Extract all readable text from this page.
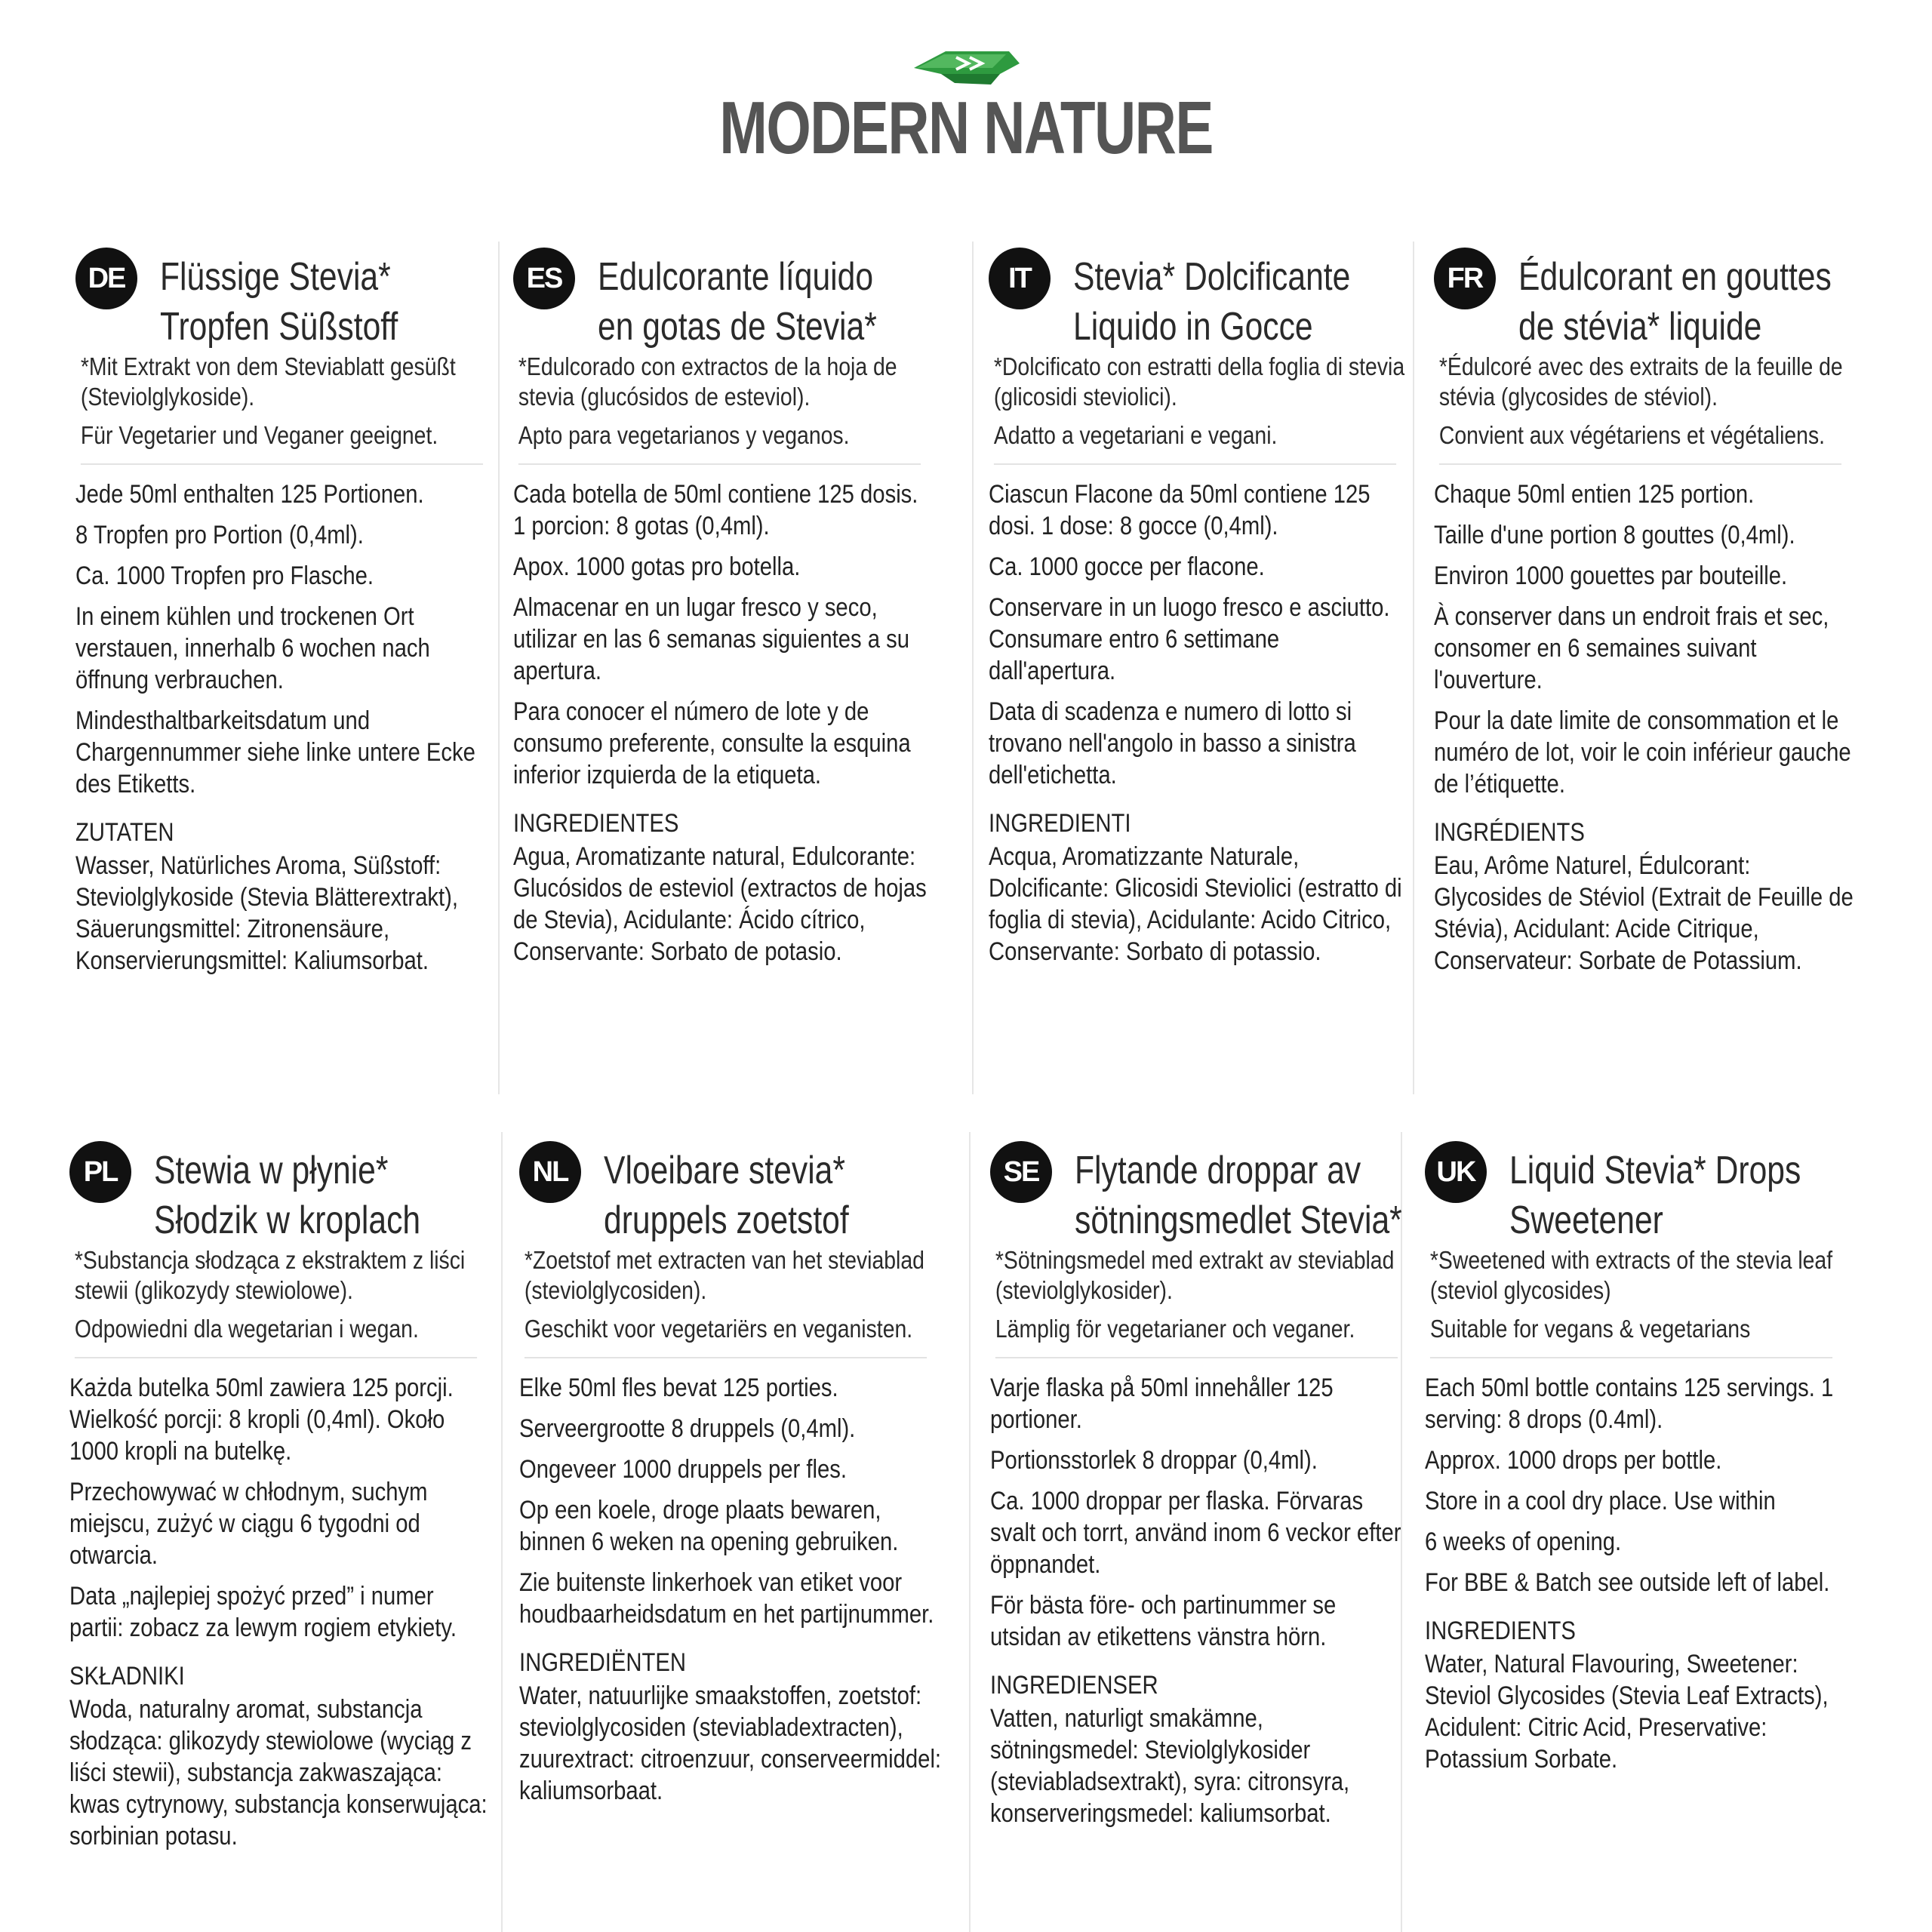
MODERN NATURE
DE Flüssige Stevia*
Tropfen Süßstoff

*Mit Extrakt von dem Steviablatt gesüßt (Steviolglykoside).

Für Vegetarier und Veganer geeignet.

Jede 50ml enthalten 125 Portionen.

8 Tropfen pro Portion (0,4ml).

Ca. 1000 Tropfen pro Flasche.

In einem kühlen und trockenen Ort verstauen, innerhalb 6 wochen nach öffnung verbrauchen.

Mindesthaltbarkeitsdatum und Chargennummer siehe linke untere Ecke des Etiketts.

ZUTATEN

Wasser, Natürliches Aroma, Süßstoff: Steviolglykoside (Stevia Blätterextrakt), Säuerungsmittel: Zitronensäure, Konservierungsmittel: Kaliumsorbat.

ES Edulcorante líquido
en gotas de Stevia*

*Edulcorado con extractos de la hoja de stevia (glucósidos de esteviol).

Apto para vegetarianos y veganos.

Cada botella de 50ml contiene 125 dosis. 1 porcion: 8 gotas (0,4ml).

Apox. 1000 gotas pro botella.

Almacenar en un lugar fresco y seco, utilizar en las 6 semanas siguientes a su apertura.

Para conocer el número de lote y de consumo preferente, consulte la esquina inferior izquierda de la etiqueta.

INGREDIENTES

Agua, Aromatizante natural, Edulcorante: Glucósidos de esteviol (extractos de hojas de Stevia), Acidulante: Ácido cítrico, Conservante: Sorbato de potasio.

IT	Stevia* Dolcificante
Liquido in Gocce

*Dolcificato con estratti della foglia di stevia (glicosidi steviolici).

Adatto a vegetariani e vegani.

Ciascun Flacone da 50ml contiene 125 dosi. 1 dose: 8 gocce (0,4ml).

Ca. 1000 gocce per flacone.

Conservare in un luogo fresco e asciutto. Consumare entro 6 settimane dall'apertura.

Data di scadenza e numero di lotto si trovano nell'angolo in basso a sinistra dell'etichetta.

INGREDIENTI

Acqua, Aromatizzante Naturale, Dolcificante: Glicosidi Steviolici (estratto di foglia di stevia), Acidulante: Acido Citrico, Conservante: Sorbato di potassio.

FR Édulcorant en gouttes
de stévia* liquide

*Édulcoré avec des extraits de la feuille de stévia (glycosides de stéviol).

Convient aux végétariens et végétaliens.

Chaque 50ml entien 125 portion.

Taille d'une portion 8 gouttes (0,4ml).

Environ 1000 gouettes par bouteille.

À conserver dans un endroit frais et sec, consomer en 6 semaines suivant l'ouverture.

Pour la date limite de consommation et le numéro de lot, voir le coin inférieur gauche de l’étiquette.

INGRÉDIENTS

Eau, Arôme Naturel, Édulcorant: Glycosides de Stéviol (Extrait de Feuille de Stévia), Acidulant: Acide Citrique, Conservateur: Sorbate de Potassium.

PL Stewia w płynie*
Słodzik w kroplach

*Substancja słodząca z ekstraktem z liści stewii (glikozydy stewiolowe).

Odpowiedni dla wegetarian i wegan.

Każda butelka 50ml zawiera 125 porcji. Wielkość porcji: 8 kropli (0,4ml). Około 1000 kropli na butelkę.

Przechowywać w chłodnym, suchym miejscu, zużyć w ciągu 6 tygodni od otwarcia.

Data „najlepiej spożyć przed” i numer partii: zobacz za lewym rogiem etykiety.

SKŁADNIKI

Woda, naturalny aromat, substancja słodząca: glikozydy stewiolowe (wyciąg z liści stewii), substancja zakwaszająca: kwas cytrynowy, substancja konserwująca: sorbinian potasu.

NL Vloeibare stevia*
druppels zoetstof

*Zoetstof met extracten van het steviablad (steviolglycosiden).

Geschikt voor vegetariërs en veganisten.

Elke 50ml fles bevat 125 porties.

Serveergrootte 8 druppels (0,4ml).

Ongeveer 1000 druppels per fles.

Op een koele, droge plaats bewaren, binnen 6 weken na opening gebruiken.

Zie buitenste linkerhoek van etiket voor houdbaarheidsdatum en het partijnummer.

INGREDIËNTEN

Water, natuurlijke smaakstoffen, zoetstof: steviolglycosiden (steviabladextracten), zuurextract: citroenzuur, conserveermiddel: kaliumsorbaat.

SE Flytande droppar av
sötningsmedlet Stevia*

*Sötningsmedel med extrakt av steviablad (steviolglykosider).

Lämplig för vegetarianer och veganer.

Varje flaska på 50ml innehåller 125 portioner.

Portionsstorlek 8 droppar (0,4ml).

Ca. 1000 droppar per flaska. Förvaras svalt och torrt, använd inom 6 veckor efter öppnandet.

För bästa före- och partinummer se utsidan av etikettens vänstra hörn.

INGREDIENSER

Vatten, naturligt smakämne, sötningsmedel: Steviolglykosider (steviabladsextrakt), syra: citronsyra, konserveringsmedel: kaliumsorbat.

UK Liquid Stevia* Drops
Sweetener

*Sweetened with extracts of the stevia leaf (steviol glycosides)

Suitable for vegans & vegetarians

Each 50ml bottle contains 125 servings. 1 serving: 8 drops (0.4ml).

Approx. 1000 drops per bottle.

Store in a cool dry place. Use within

6 weeks of opening.

For BBE & Batch see outside left of label.

INGREDIENTS

Water, Natural Flavouring, Sweetener: Steviol Glycosides (Stevia Leaf Extracts), Acidulent: Citric Acid, Preservative: Potassium Sorbate.
